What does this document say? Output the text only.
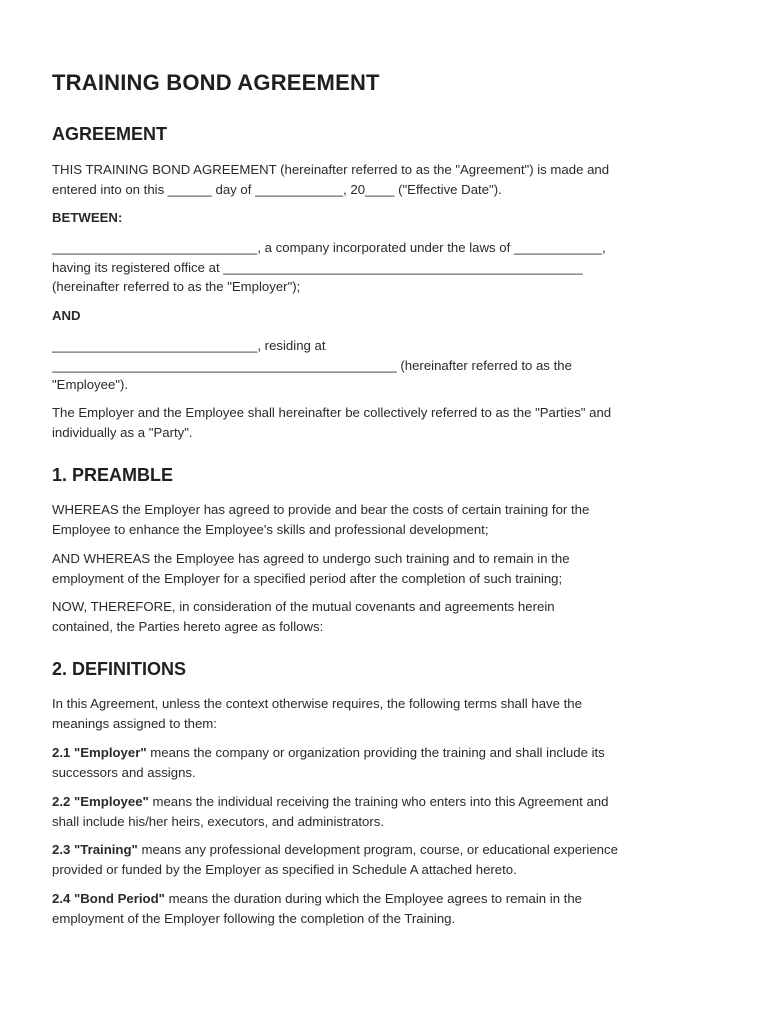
TRAINING BOND AGREEMENT
AGREEMENT

THIS TRAINING BOND AGREEMENT (hereinafter referred to as the "Agreement") is made and
entered into on this ______ day of ____________, 20____ ("Effective Date").

BETWEEN:

____________________________, a company incorporated under the laws of ____________,
having its registered office at _________________________________________________
(hereinafter referred to as the "Employer");

AND

____________________________, residing at
_______________________________________________ (hereinafter referred to as the
"Employee").

The Employer and the Employee shall hereinafter be collectively referred to as the "Parties" and
individually as a "Party".

1. PREAMBLE

WHEREAS the Employer has agreed to provide and bear the costs of certain training for the
Employee to enhance the Employee's skills and professional development;

AND WHEREAS the Employee has agreed to undergo such training and to remain in the
employment of the Employer for a specified period after the completion of such training;

NOW, THEREFORE, in consideration of the mutual covenants and agreements herein
contained, the Parties hereto agree as follows:

2. DEFINITIONS

In this Agreement, unless the context otherwise requires, the following terms shall have the
meanings assigned to them:

2.1 "Employer" means the company or organization providing the training and shall include its
successors and assigns.

2.2 "Employee" means the individual receiving the training who enters into this Agreement and
shall include his/her heirs, executors, and administrators.

2.3 "Training" means any professional development program, course, or educational experience
provided or funded by the Employer as specified in Schedule A attached hereto.

2.4 "Bond Period" means the duration during which the Employee agrees to remain in the
employment of the Employer following the completion of the Training.
